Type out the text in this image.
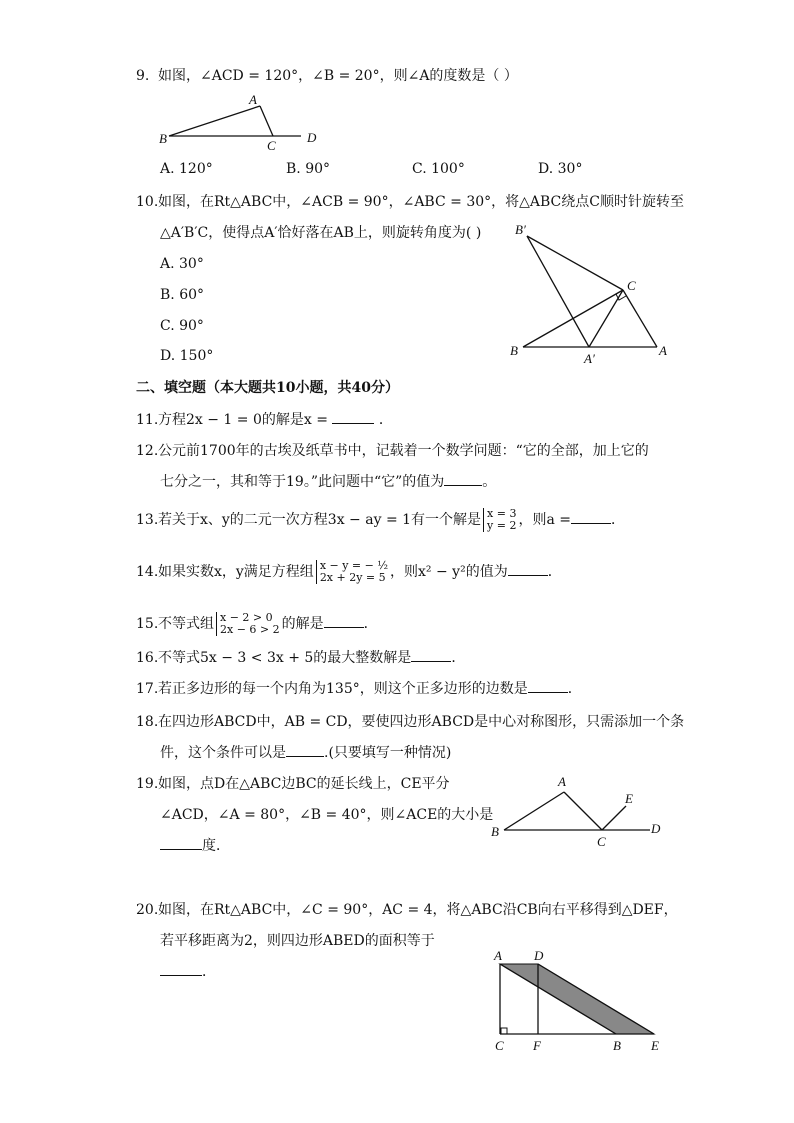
9. 如图，∠ACD = 120°，∠B = 20°，则∠A的度数是（ ）
A
B	C
D
A. 120°	B. 90°	C. 100°	D. 30°
10.如图，在Rt△ABC中，∠ACB = 90°，∠ABC = 30°，将△ABC绕点C顺时针旋转至
△A′B′C，使得点A′恰好落在AB上，则旋转角度为( )
A. 30°
B. 60°
C. 90°
D. 150°
B′
C
B
A′
A
二、填空题（本大题共10小题，共40分）
11.方程2x − 1 = 0的解是x =	．
12.公元前1700年的古埃及纸草书中，记载着一个数学问题：“它的全部，加上它的
七分之一，其和等于19。”此问题中“它”的值为	。
13.若关于x、y的二元一次方程3x − ay = 1有一个解是 x = 3
y = 2 ，则a =	．
14.如果实数x，y满足方程组 x − y = − ½
2x + 2y = 5 ，则x² − y²的值为	．
15.不等式组 x − 2 > 0
2x − 6 > 2 的解是	．
16.不等式5x − 3 < 3x + 5的最大整数解是	．
17.若正多边形的每一个内角为135°，则这个正多边形的边数是	．
18.在四边形ABCD中，AB = CD，要使四边形ABCD是中心对称图形，只需添加一个条
件，这个条件可以是	.(只要填写一种情况)
19.如图，点D在△ABC边BC的延长线上，CE平分
∠ACD，∠A = 80°，∠B = 40°，则∠ACE的大小是
度．
A
E
B
C
D
20.如图，在Rt△ABC中，∠C = 90°，AC = 4，将△ABC沿CB向右平移得到△DEF，
若平移距离为2，则四边形ABED的面积等于
．
A D
C F	B E
